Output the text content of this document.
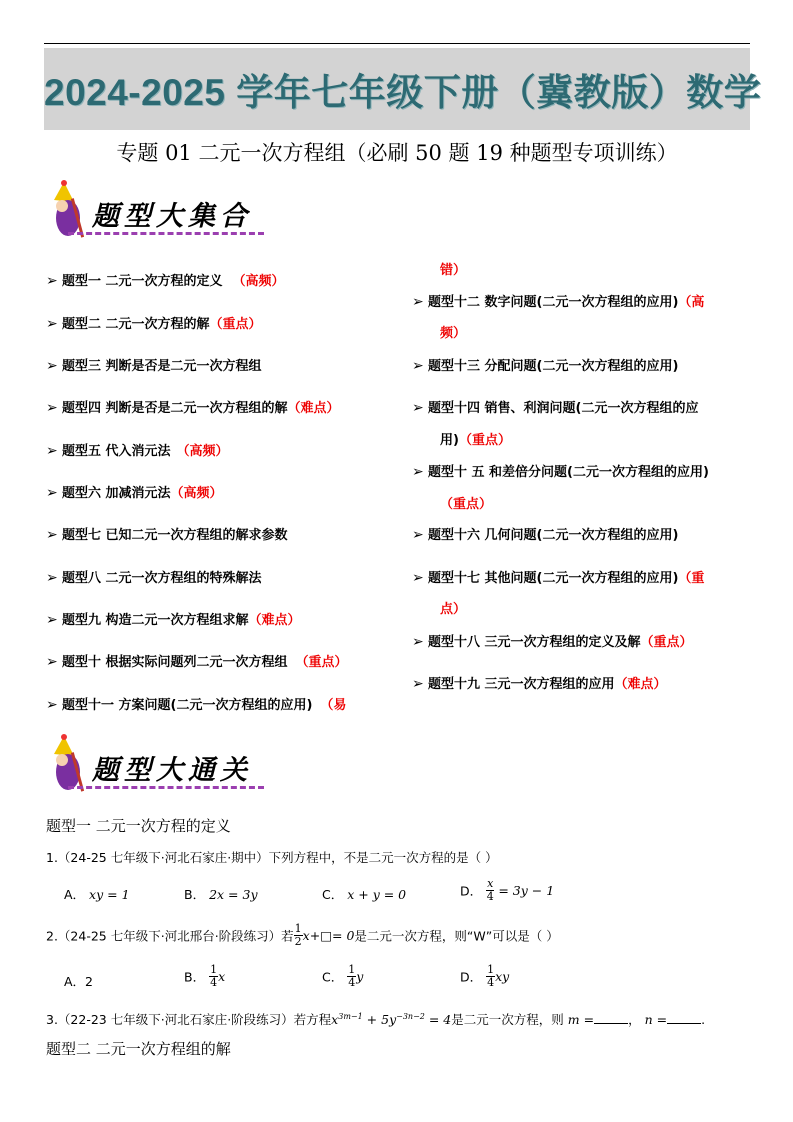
2024-2025 学年七年级下册（冀教版）数学
专题 01 二元一次方程组（必刷 50 题 19 种题型专项训练）
题型大集合
➢ 题型一 二元一次方程的定义 （高频）
➢ 题型二 二元一次方程的解（重点）
➢ 题型三 判断是否是二元一次方程组
➢ 题型四 判断是否是二元一次方程组的解（难点）
➢ 题型五 代入消元法 （高频）
➢ 题型六 加减消元法（高频）
➢ 题型七 已知二元一次方程组的解求参数
➢ 题型八 二元一次方程组的特殊解法
➢ 题型九 构造二元一次方程组求解（难点）
➢ 题型十 根据实际问题列二元一次方程组 （重点）
➢ 题型十一 方案问题(二元一次方程组的应用) （易
错）
➢ 题型十二 数字问题(二元一次方程组的应用)（高
频）
➢ 题型十三 分配问题(二元一次方程组的应用)
➢ 题型十四 销售、利润问题(二元一次方程组的应
用)（重点）
➢ 题型十 五 和差倍分问题(二元一次方程组的应用)
（重点）
➢ 题型十六 几何问题(二元一次方程组的应用)
➢ 题型十七 其他问题(二元一次方程组的应用)（重
点）
➢ 题型十八 三元一次方程组的定义及解（重点）
➢ 题型十九 三元一次方程组的应用（难点）
题型大通关
题型一 二元一次方程的定义
1.（24-25 七年级下·河北石家庄·期中）下列方程中，不是二元一次方程的是（ ）
A． xy = 1	B． 2x = 3y	C． x + y = 0	D． $\frac{x}{4} = 3y - 1$
2.（24-25 七年级下·河北邢台·阶段练习）若 $\frac{1}{2}$ x+□= 0是二元一次方程，则“W”可以是（ ）
A．2	B． $\frac{1}{4}$ x	C． $\frac{1}{4}$ y	D． $\frac{1}{4}$ xy
3.（22-23 七年级下·河北石家庄·阶段练习）若方程$x^{3m-1} + 5y^{-3n-2} = 4$是二元一次方程，则 m =	， n =	.
题型二 二元一次方程组的解
